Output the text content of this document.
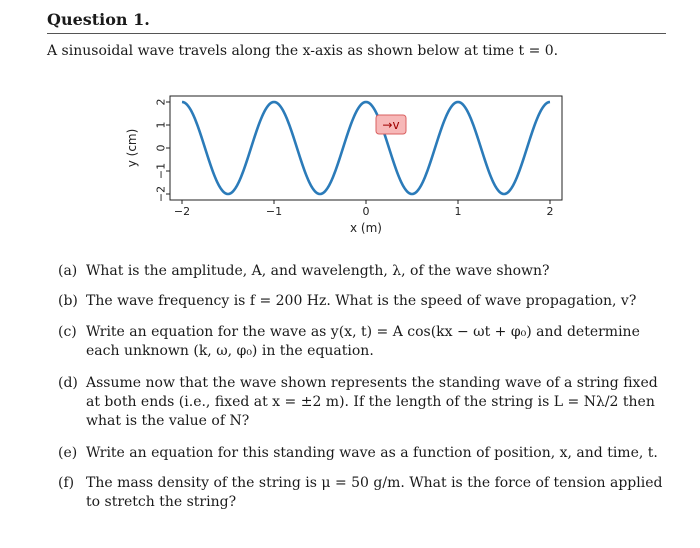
Question 1.
A sinusoidal wave travels along the x-axis as shown below at time t = 0.
−2	−1	0	1	2
2
1
0
−1
−2
→v
x (m)
y (cm)
(a) What is the amplitude, A, and wavelength, λ, of the wave shown?
(b) The wave frequency is f = 200 Hz. What is the speed of wave propagation, v?
(c) Write an equation for the wave as y(x, t) = A cos(kx − ωt + φ₀) and determine each unknown (k, ω, φ₀) in the equation.
(d) Assume now that the wave shown represents the standing wave of a string fixed at both ends (i.e., fixed at x = ±2 m). If the length of the string is L = Nλ/2 then what is the value of N?
(e) Write an equation for this standing wave as a function of position, x, and time, t.
(f) The mass density of the string is μ = 50 g/m. What is the force of tension applied to stretch the string?
